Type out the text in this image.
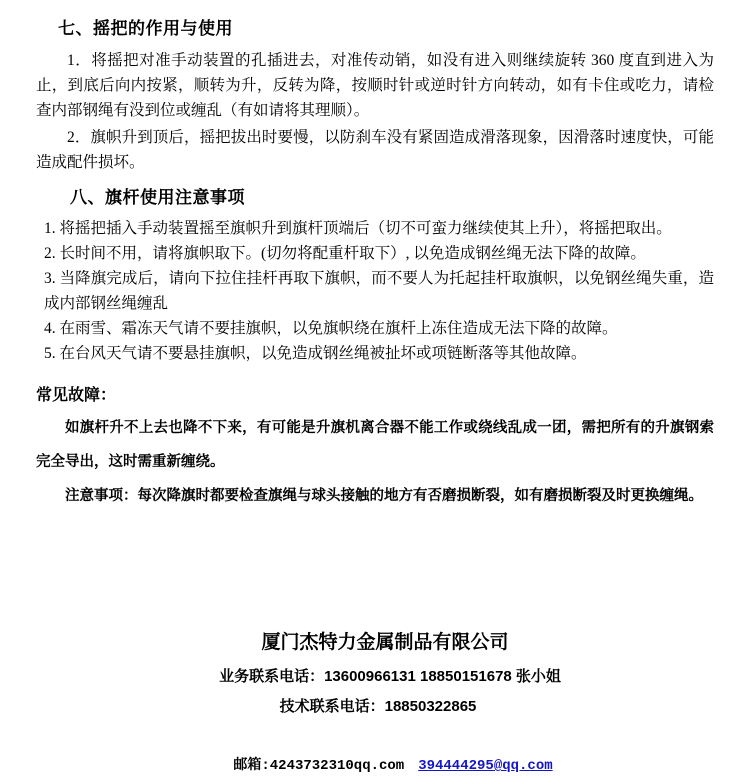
七、摇把的作用与使用

1．将摇把对准手动装置的孔插进去，对准传动销，如没有进入则继续旋转 360 度直到进入为止，到底后向内按紧，顺转为升，反转为降，按顺时针或逆时针方向转动，如有卡住或吃力，请检查内部钢绳有没到位或缠乱（有如请将其理顺）。

2．旗帜升到顶后，摇把拔出时要慢，以防刹车没有紧固造成滑落现象，因滑落时速度快，可能造成配件损坏。

八、旗杆使用注意事项

1. 将摇把插入手动装置摇至旗帜升到旗杆顶端后（切不可蛮力继续使其上升），将摇把取出。

2. 长时间不用，请将旗帜取下。(切勿将配重杆取下）, 以免造成钢丝绳无法下降的故障。

3. 当降旗完成后，请向下拉住挂杆再取下旗帜，而不要人为托起挂杆取旗帜，以免钢丝绳失重，造成内部钢丝绳缠乱

4. 在雨雪、霜冻天气请不要挂旗帜，以免旗帜绕在旗杆上冻住造成无法下降的故障。

5. 在台风天气请不要悬挂旗帜，以免造成钢丝绳被扯坏或项链断落等其他故障。

常见故障：

如旗杆升不上去也降不下来，有可能是升旗机离合器不能工作或绕线乱成一团，需把所有的升旗钢索完全导出，这时需重新缠绕。

注意事项：每次降旗时都要检查旗绳与球头接触的地方有否磨损断裂，如有磨损断裂及时更换缠绳。

厦门杰特力金属制品有限公司

业务联系电话：13600966131 18850151678 张小姐

技术联系电话：18850322865

邮箱:4243732310qq.com 394444295@qq.com
